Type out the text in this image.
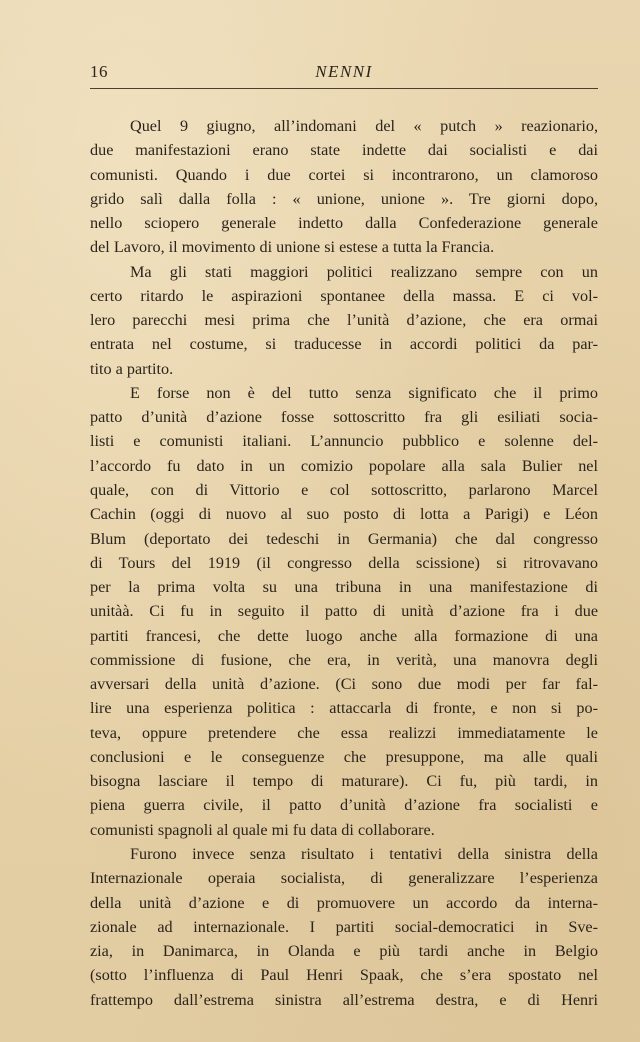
16	NENNI
Quel 9 giugno, all’indomani del « putch » reazionario,
due manifestazioni erano state indette dai socialisti e dai
comunisti. Quando i due cortei si incontrarono, un clamoroso
grido salì dalla folla : « unione, unione ». Tre giorni dopo,
nello sciopero generale indetto dalla Confederazione generale
del Lavoro, il movimento di unione si estese a tutta la Francia.
Ma gli stati maggiori politici realizzano sempre con un
certo ritardo le aspirazioni spontanee della massa. E ci vol-
lero parecchi mesi prima che l’unità d’azione, che era ormai
entrata nel costume, si traducesse in accordi politici da par-
tito a partito.
E forse non è del tutto senza significato che il primo
patto d’unità d’azione fosse sottoscritto fra gli esiliati socia-
listi e comunisti italiani. L’annuncio pubblico e solenne del-
l’accordo fu dato in un comizio popolare alla sala Bulier nel
quale, con di Vittorio e col sottoscritto, parlarono Marcel
Cachin (oggi di nuovo al suo posto di lotta a Parigi) e Léon
Blum (deportato dei tedeschi in Germania) che dal congresso
di Tours del 1919 (il congresso della scissione) si ritrovavano
per la prima volta su una tribuna in una manifestazione di
unitàà. Ci fu in seguito il patto di unità d’azione fra i due
partiti francesi, che dette luogo anche alla formazione di una
commissione di fusione, che era, in verità, una manovra degli
avversari della unità d’azione. (Ci sono due modi per far fal-
lire una esperienza politica : attaccarla di fronte, e non si po-
teva, oppure pretendere che essa realizzi immediatamente le
conclusioni e le conseguenze che presuppone, ma alle quali
bisogna lasciare il tempo di maturare). Ci fu, più tardi, in
piena guerra civile, il patto d’unità d’azione fra socialisti e
comunisti spagnoli al quale mi fu data di collaborare.
Furono invece senza risultato i tentativi della sinistra della
Internazionale operaia socialista, di generalizzare l’esperienza
della unità d’azione e di promuovere un accordo da interna-
zionale ad internazionale. I partiti social-democratici in Sve-
zia, in Danimarca, in Olanda e più tardi anche in Belgio
(sotto l’influenza di Paul Henri Spaak, che s’era spostato nel
frattempo dall’estrema sinistra all’estrema destra, e di Henri
